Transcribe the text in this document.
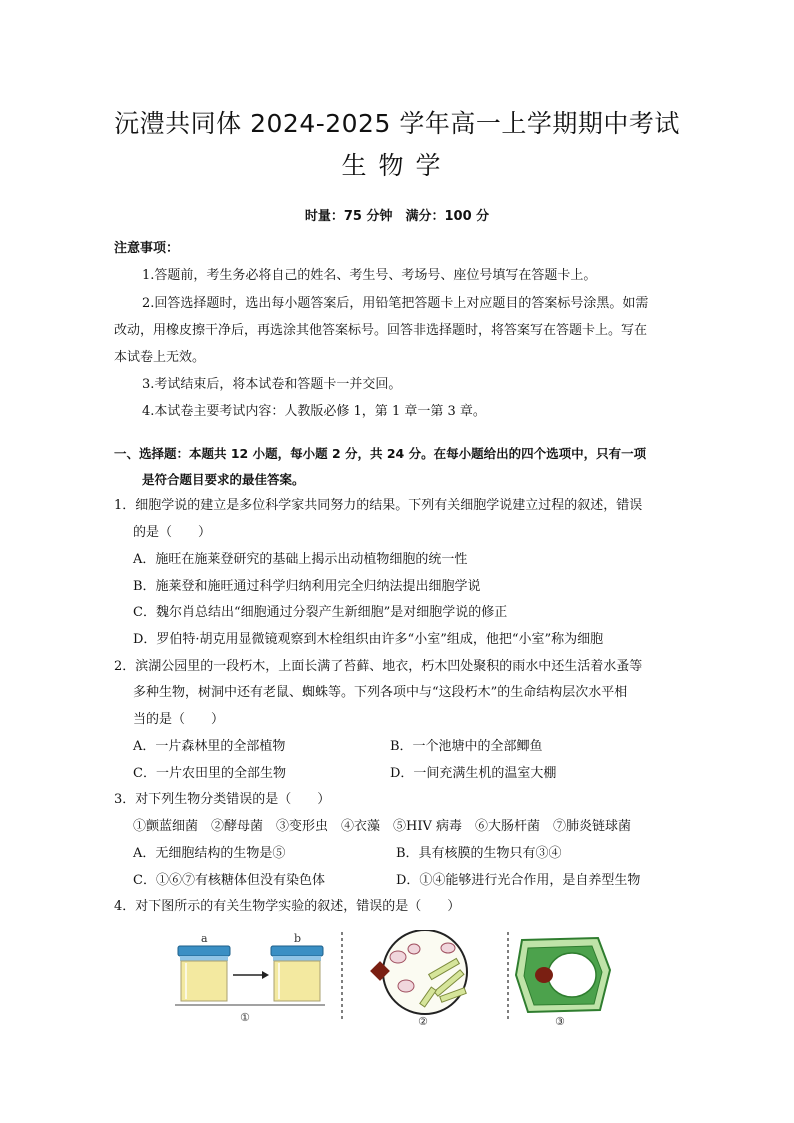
沅澧共同体 2024-2025 学年高一上学期期中考试
生物学
时量：75 分钟　满分：100 分
注意事项：
1.答题前，考生务必将自己的姓名、考生号、考场号、座位号填写在答题卡上。
2.回答选择题时，选出每小题答案后，用铅笔把答题卡上对应题目的答案标号涂黑。如需
改动，用橡皮擦干净后，再选涂其他答案标号。回答非选择题时，将答案写在答题卡上。写在
本试卷上无效。
3.考试结束后，将本试卷和答题卡一并交回。
4.本试卷主要考试内容：人教版必修 1，第 1 章一第 3 章。
一、选择题：本题共 12 小题，每小题 2 分，共 24 分。在每小题给出的四个选项中，只有一项
是符合题目要求的最佳答案。
1．细胞学说的建立是多位科学家共同努力的结果。下列有关细胞学说建立过程的叙述，错误
的是（　　）
A．施旺在施莱登研究的基础上揭示出动植物细胞的统一性
B．施莱登和施旺通过科学归纳利用完全归纳法提出细胞学说
C．魏尔肖总结出“细胞通过分裂产生新细胞”是对细胞学说的修正
D．罗伯特·胡克用显微镜观察到木栓组织由许多“小室”组成，他把“小室”称为细胞
2．滨湖公园里的一段朽木，上面长满了苔藓、地衣，朽木凹处聚积的雨水中还生活着水蚤等
多种生物，树洞中还有老鼠、蜘蛛等。下列各项中与“这段朽木”的生命结构层次水平相
当的是（　　）
A．一片森林里的全部植物	B．一个池塘中的全部鲫鱼
C．一片农田里的全部生物	D．一间充满生机的温室大棚
3．对下列生物分类错误的是（　　）
①颤蓝细菌　②酵母菌　③变形虫　④衣藻　⑤HIV 病毒　⑥大肠杆菌　⑦肺炎链球菌
A．无细胞结构的生物是⑤	B．具有核膜的生物只有③④
C．①⑥⑦有核糖体但没有染色体	D．①④能够进行光合作用，是自养型生物
4．对下图所示的有关生物学实验的叙述，错误的是（　　）
a	b
①	②	③
